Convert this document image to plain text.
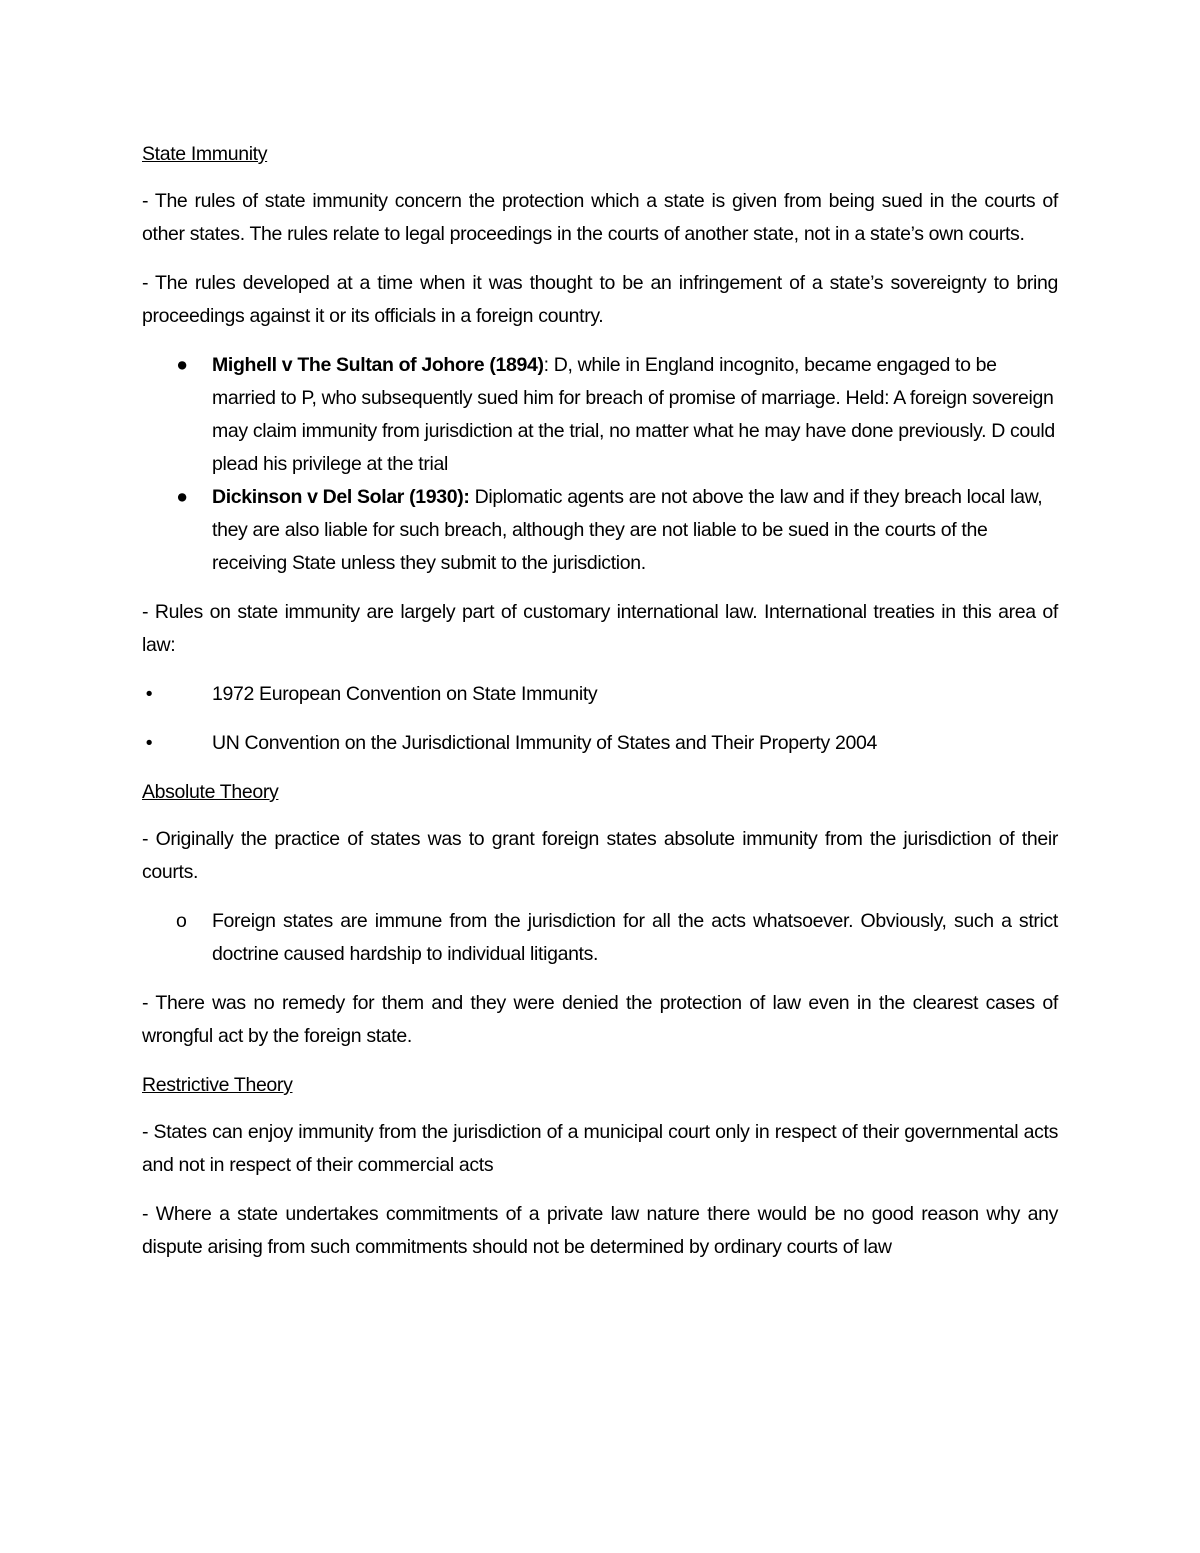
State Immunity

- The rules of state immunity concern the protection which a state is given from being sued in the courts of other states. The rules relate to legal proceedings in the courts of another state, not in a state’s own courts.

- The rules developed at a time when it was thought to be an infringement of a state’s sovereignty to bring proceedings against it or its officials in a foreign country.

● Mighell v The Sultan of Johore (1894): D, while in England incognito, became engaged to be married to P, who subsequently sued him for breach of promise of marriage. Held: A foreign sovereign may claim immunity from jurisdiction at the trial, no matter what he may have done previously. D could plead his privilege at the trial
● Dickinson v Del Solar (1930): Diplomatic agents are not above the law and if they breach local law, they are also liable for such breach, although they are not liable to be sued in the courts of the receiving State unless they submit to the jurisdiction.

- Rules on state immunity are largely part of customary international law. International treaties in this area of law:

•	1972 European Convention on State Immunity
•	UN Convention on the Jurisdictional Immunity of States and Their Property 2004
Absolute Theory

- Originally the practice of states was to grant foreign states absolute immunity from the jurisdiction of their courts.

o Foreign states are immune from the jurisdiction for all the acts whatsoever. Obviously, such a strict doctrine caused hardship to individual litigants.

- There was no remedy for them and they were denied the protection of law even in the clearest cases of wrongful act by the foreign state.

Restrictive Theory

- States can enjoy immunity from the jurisdiction of a municipal court only in respect of their governmental acts and not in respect of their commercial acts

- Where a state undertakes commitments of a private law nature there would be no good reason why any dispute arising from such commitments should not be determined by ordinary courts of law
